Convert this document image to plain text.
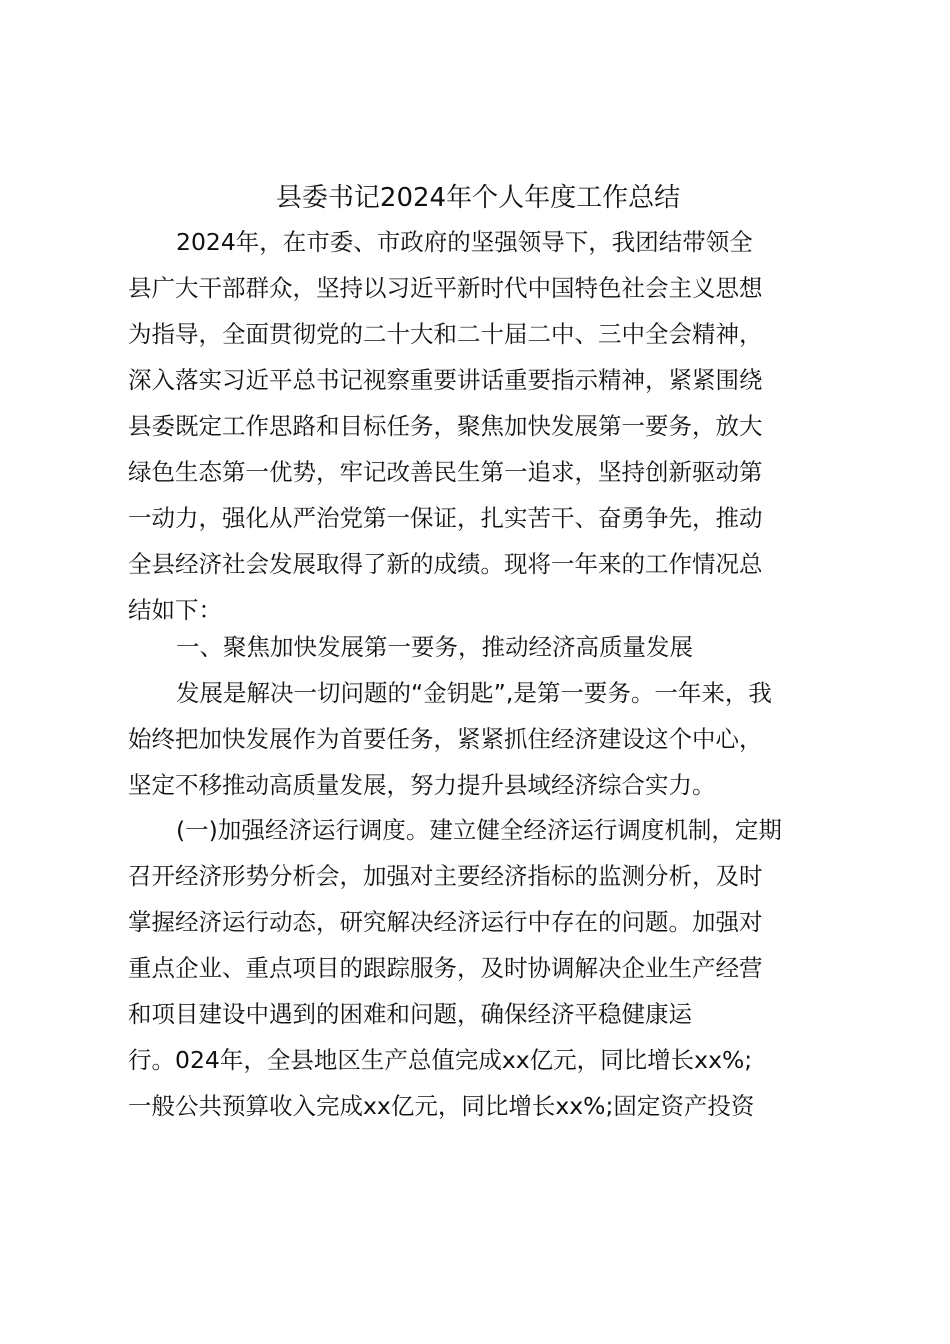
县委书记2024年个人年度工作总结
2024年，在市委、市政府的坚强领导下，我团结带领全
县广大干部群众，坚持以习近平新时代中国特色社会主义思想
为指导，全面贯彻党的二十大和二十届二中、三中全会精神，
深入落实习近平总书记视察重要讲话重要指示精神，紧紧围绕
县委既定工作思路和目标任务，聚焦加快发展第一要务，放大
绿色生态第一优势，牢记改善民生第一追求，坚持创新驱动第
一动力，强化从严治党第一保证，扎实苦干、奋勇争先，推动
全县经济社会发展取得了新的成绩。现将一年来的工作情况总
结如下：
一、聚焦加快发展第一要务，推动经济高质量发展
发展是解决一切问题的“金钥匙”,是第一要务。一年来，我
始终把加快发展作为首要任务，紧紧抓住经济建设这个中心，
坚定不移推动高质量发展，努力提升县域经济综合实力。
(一)加强经济运行调度。建立健全经济运行调度机制，定期
召开经济形势分析会，加强对主要经济指标的监测分析，及时
掌握经济运行动态，研究解决经济运行中存在的问题。加强对
重点企业、重点项目的跟踪服务，及时协调解决企业生产经营
和项目建设中遇到的困难和问题，确保经济平稳健康运
行。024年，全县地区生产总值完成xx亿元，同比增长xx%;
一般公共预算收入完成xx亿元，同比增长xx%;固定资产投资
